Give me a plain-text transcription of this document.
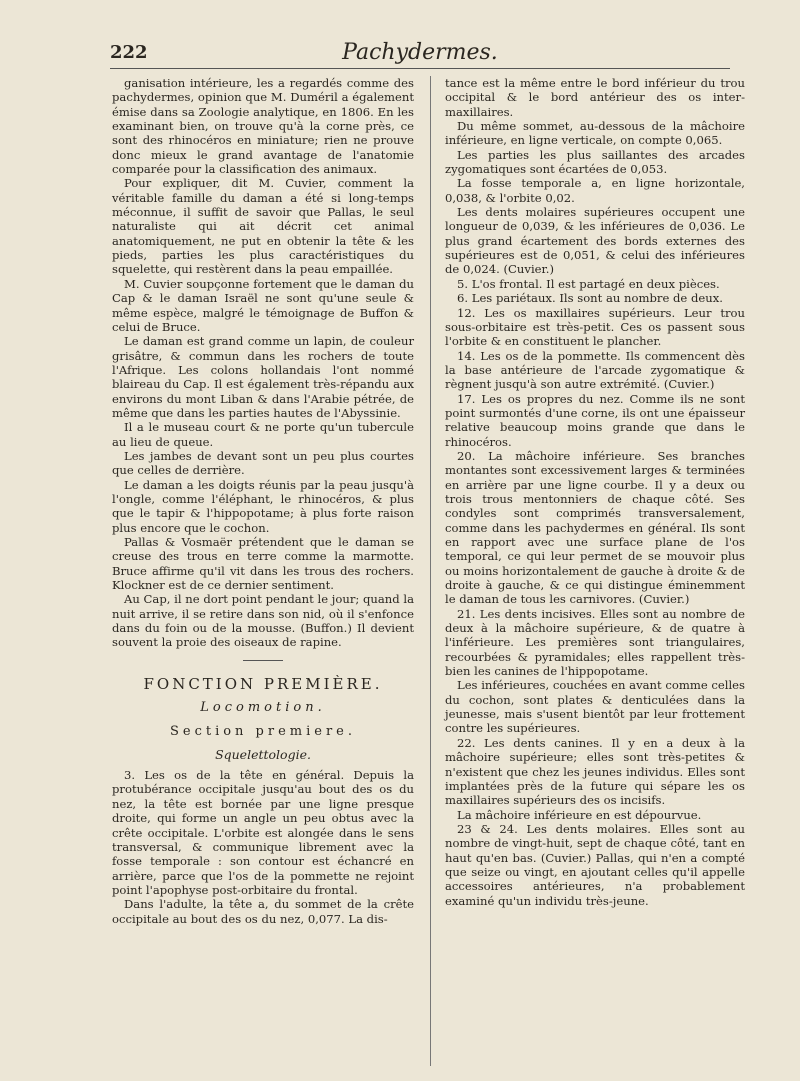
222	Pachydermes.

ganisation intérieure, les a regardés comme des pachydermes, opinion que M. Duméril a également émise dans sa Zoologie analytique, en 1806. En les examinant bien, on trouve qu'à la corne près, ce sont des rhinocéros en miniature; rien ne prouve donc mieux le grand avantage de l'anatomie comparée pour la classification des animaux.

Pour expliquer, dit M. Cuvier, comment la véritable famille du daman a été si long-temps méconnue, il suffit de savoir que Pallas, le seul naturaliste qui ait décrit cet animal anatomiquement, ne put en obtenir la tête & les pieds, parties les plus caractéristiques du squelette, qui restèrent dans la peau empaillée.

M. Cuvier soupçonne fortement que le daman du Cap & le daman Israël ne sont qu'une seule & même espèce, malgré le témoignage de Buffon & celui de Bruce.

Le daman est grand comme un lapin, de couleur grisâtre, & commun dans les rochers de toute l'Afrique. Les colons hollandais l'ont nommé blaireau du Cap. Il est également très-répandu aux environs du mont Liban & dans l'Arabie pétrée, de même que dans les parties hautes de l'Abyssinie.

Il a le museau court & ne porte qu'un tubercule au lieu de queue.

Les jambes de devant sont un peu plus courtes que celles de derrière.

Le daman a les doigts réunis par la peau jusqu'à l'ongle, comme l'éléphant, le rhinocéros, & plus que le tapir & l'hippopotame; à plus forte raison plus encore que le cochon.

Pallas & Vosmaër prétendent que le daman se creuse des trous en terre comme la marmotte. Bruce affirme qu'il vit dans les trous des rochers. Klockner est de ce dernier sentiment.

Au Cap, il ne dort point pendant le jour; quand la nuit arrive, il se retire dans son nid, où il s'enfonce dans du foin ou de la mousse. (Buffon.) Il devient souvent la proie des oiseaux de rapine.

FONCTION PREMIÈRE.

Locomotion.

Section premiere.

Squelettologie.

3. Les os de la tête en général. Depuis la protubérance occipitale jusqu'au bout des os du nez, la tête est bornée par une ligne presque droite, qui forme un angle un peu obtus avec la crête occipitale. L'orbite est alongée dans le sens transversal, & communique librement avec la fosse temporale : son contour est échancré en arrière, parce que l'os de la pommette ne rejoint point l'apophyse post-orbitaire du frontal.

Dans l'adulte, la tête a, du sommet de la crête occipitale au bout des os du nez, 0,077. La dis-

tance est la même entre le bord inférieur du trou occipital & le bord antérieur des os inter-maxillaires.

Du même sommet, au-dessous de la mâchoire inférieure, en ligne verticale, on compte 0,065.

Les parties les plus saillantes des arcades zygomatiques sont écartées de 0,053.

La fosse temporale a, en ligne horizontale, 0,038, & l'orbite 0,02.

Les dents molaires supérieures occupent une longueur de 0,039, & les inférieures de 0,036. Le plus grand écartement des bords externes des supérieures est de 0,051, & celui des inférieures de 0,024. (Cuvier.)

5. L'os frontal. Il est partagé en deux pièces.

6. Les pariétaux. Ils sont au nombre de deux.

12. Les os maxillaires supérieurs. Leur trou sous-orbitaire est très-petit. Ces os passent sous l'orbite & en constituent le plancher.

14. Les os de la pommette. Ils commencent dès la base antérieure de l'arcade zygomatique & règnent jusqu'à son autre extrémité. (Cuvier.)

17. Les os propres du nez. Comme ils ne sont point surmontés d'une corne, ils ont une épaisseur relative beaucoup moins grande que dans le rhinocéros.

20. La mâchoire inférieure. Ses branches montantes sont excessivement larges & terminées en arrière par une ligne courbe. Il y a deux ou trois trous mentonniers de chaque côté. Ses condyles sont comprimés transversalement, comme dans les pachydermes en général. Ils sont en rapport avec une surface plane de l'os temporal, ce qui leur permet de se mouvoir plus ou moins horizontalement de gauche à droite & de droite à gauche, & ce qui distingue éminemment le daman de tous les carnivores. (Cuvier.)

21. Les dents incisives. Elles sont au nombre de deux à la mâchoire supérieure, & de quatre à l'inférieure. Les premières sont triangulaires, recourbées & pyramidales; elles rappellent très-bien les canines de l'hippopotame.

Les inférieures, couchées en avant comme celles du cochon, sont plates & denticulées dans la jeunesse, mais s'usent bientôt par leur frottement contre les supérieures.

22. Les dents canines. Il y en a deux à la mâchoire supérieure; elles sont très-petites & n'existent que chez les jeunes individus. Elles sont implantées près de la future qui sépare les os maxillaires supérieurs des os incisifs.

La mâchoire inférieure en est dépourvue.

23 & 24. Les dents molaires. Elles sont au nombre de vingt-huit, sept de chaque côté, tant en haut qu'en bas. (Cuvier.) Pallas, qui n'en a compté que seize ou vingt, en ajoutant celles qu'il appelle accessoires antérieures, n'a probablement examiné qu'un individu très-jeune.
